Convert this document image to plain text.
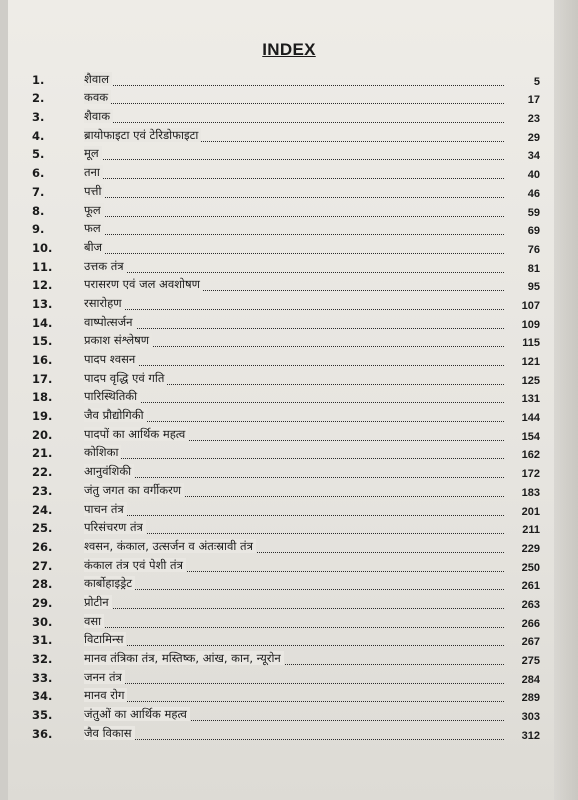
INDEX
1.	शैवाल	5
2.	कवक	17
3.	शैवाक	23
4.	ब्रायोफाइटा एवं टेरिडोफाइटा	29
5.	मूल	34
6.	तना	40
7.	पत्ती	46
8.	फूल	59
9.	फल	69
10.	बीज	76
11.	उत्तक तंत्र	81
12.	परासरण एवं जल अवशोषण	95
13.	रसारोहण	107
14.	वाष्पोत्सर्जन	109
15.	प्रकाश संश्लेषण	115
16.	पादप श्वसन	121
17.	पादप वृद्धि एवं गति	125
18.	पारिस्थितिकी	131
19.	जैव प्रौद्योगिकी	144
20.	पादपों का आर्थिक महत्व	154
21.	कोशिका	162
22.	आनुवंशिकी	172
23.	जंतु जगत का वर्गीकरण	183
24.	पाचन तंत्र	201
25.	परिसंचरण तंत्र	211
26.	श्वसन, कंकाल, उत्सर्जन व अंतःस्रावी तंत्र	229
27.	कंकाल तंत्र एवं पेशी तंत्र	250
28.	कार्बोहाइड्रेट	261
29.	प्रोटीन	263
30.	वसा	266
31.	विटामिन्स	267
32.	मानव तंत्रिका तंत्र, मस्तिष्क, आंख, कान, न्यूरोन	275
33.	जनन तंत्र	284
34.	मानव रोग	289
35.	जंतुओं का आर्थिक महत्व	303
36.	जैव विकास	312
